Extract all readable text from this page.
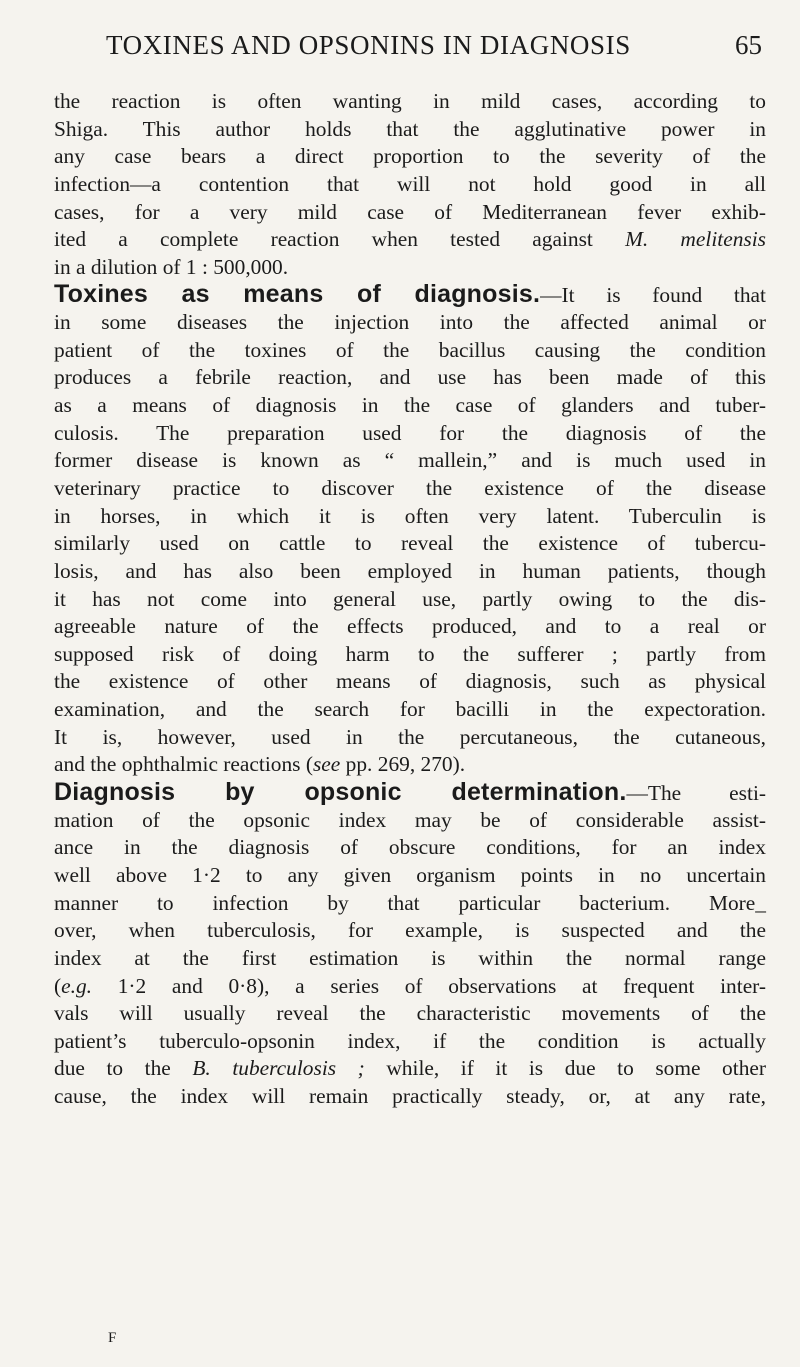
TOXINES AND OPSONINS IN DIAGNOSIS	65
the reaction is often wanting in mild cases, according to
Shiga. This author holds that the agglutinative power in
any case bears a direct proportion to the severity of the
infection—a contention that will not hold good in all
cases, for a very mild case of Mediterranean fever exhib-
ited a complete reaction when tested against M. melitensis
in a dilution of 1 : 500,000.
Toxines as means of diagnosis.—It is found that
in some diseases the injection into the affected animal or
patient of the toxines of the bacillus causing the condition
produces a febrile reaction, and use has been made of this
as a means of diagnosis in the case of glanders and tuber-
culosis. The preparation used for the diagnosis of the
former disease is known as “ mallein,” and is much used in
veterinary practice to discover the existence of the disease
in horses, in which it is often very latent. Tuberculin is
similarly used on cattle to reveal the existence of tubercu-
losis, and has also been employed in human patients, though
it has not come into general use, partly owing to the dis-
agreeable nature of the effects produced, and to a real or
supposed risk of doing harm to the sufferer ; partly from
the existence of other means of diagnosis, such as physical
examination, and the search for bacilli in the expectoration.
It is, however, used in the percutaneous, the cutaneous,
and the ophthalmic reactions (see pp. 269, 270).
Diagnosis by opsonic determination.—The esti-
mation of the opsonic index may be of considerable assist-
ance in the diagnosis of obscure conditions, for an index
well above 1·2 to any given organism points in no uncertain
manner to infection by that particular bacterium. More_
over, when tuberculosis, for example, is suspected and the
index at the first estimation is within the normal range
(e.g. 1·2 and 0·8), a series of observations at frequent inter-
vals will usually reveal the characteristic movements of the
patient’s tuberculo-opsonin index, if the condition is actually
due to the B. tuberculosis ; while, if it is due to some other
cause, the index will remain practically steady, or, at any rate,
F
